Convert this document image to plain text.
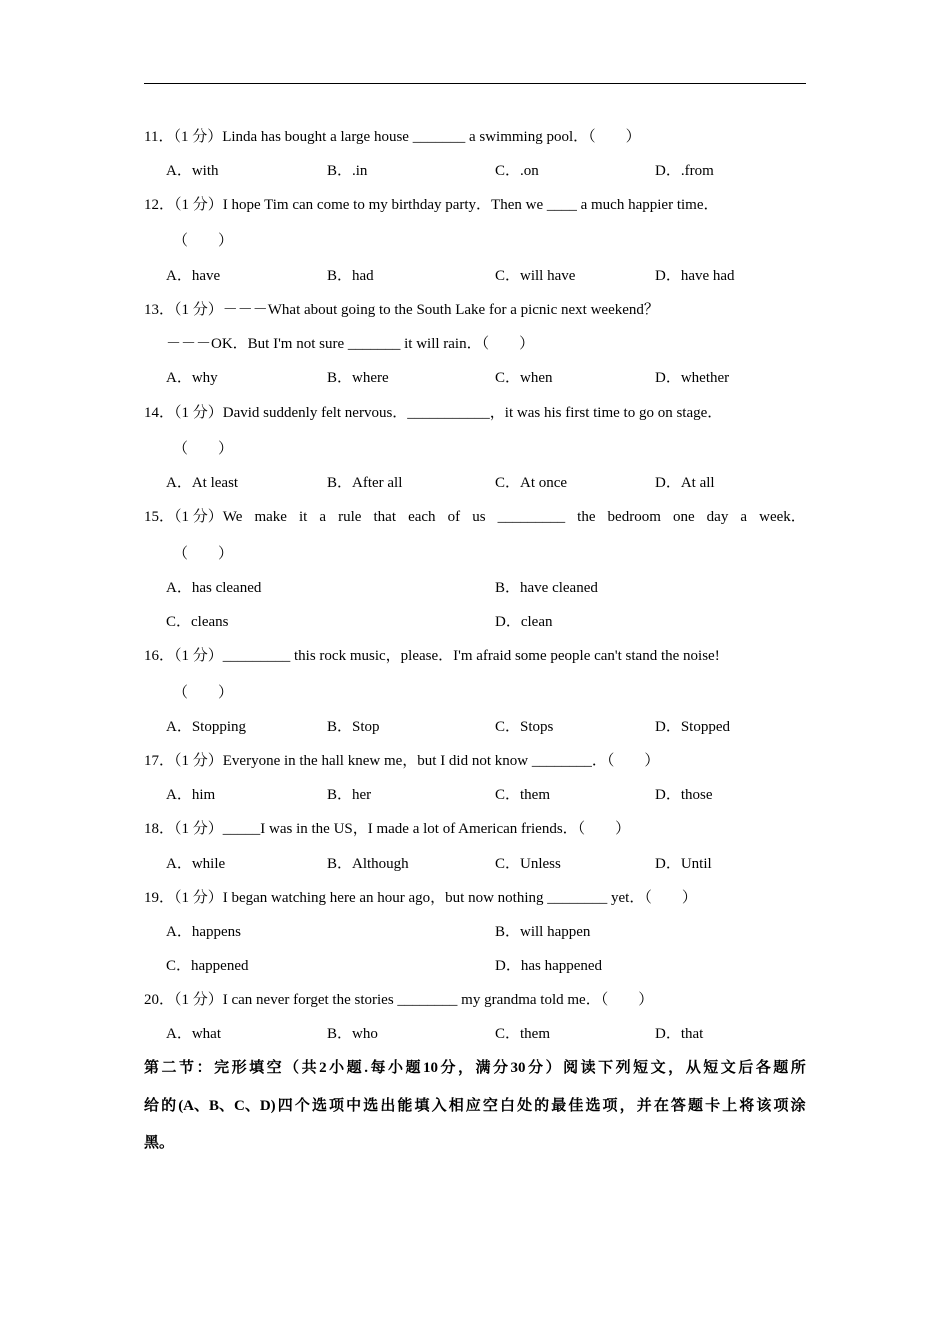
11．（1 分）Linda has bought a large house _______ a swimming pool．（　　）
A．with	B．.in	C．.on	D．.from
12．（1 分）I hope Tim can come to my birthday party．Then we ____ a much happier time．
（　　）
A．have	B．had	C．will have	D．have had
13．（1 分）－－－What about going to the South Lake for a picnic next weekend？
－－－OK．But I'm not sure _______ it will rain．（　　）
A．why	B．where	C．when	D．whether
14．（1 分）David suddenly felt nervous．___________，it was his first time to go on stage．
（　　）
A．At least	B．After all	C．At once	D．At all
15．（1 分）We make it a rule that each of us _________ the bedroom one day a week．
（　　）
A．has cleaned	B．have cleaned
C．cleans	D．clean
16．（1 分）_________ this rock music，please．I'm afraid some people can't stand the noise!
（　　）
A．Stopping	B．Stop	C．Stops	D．Stopped
17．（1 分）Everyone in the hall knew me，but I did not know ________．（　　）
A．him	B．her	C．them	D．those
18．（1 分）_____I was in the US，I made a lot of American friends．（　　）
A．while	B．Although	C．Unless	D．Until
19．（1 分）I began watching here an hour ago，but now nothing ________ yet．（　　）
A．happens	B．will happen
C．happened	D．has happened
20．（1 分）I can never forget the stories ________ my grandma told me．（　　）
A．what	B．who	C．them	D．that
第 二 节 ： 完 形 填 空 （ 共 2 小 题 . 每 小 题 10 分 ， 满 分 30 分 ） 阅 读 下 列 短 文 ， 从 短 文 后 各 题 所
给 的 (A、B、C、D) 四 个 选 项 中 选 出 能 填 入 相 应 空 白 处 的 最 佳 选 项 ， 并 在 答 题 卡 上 将 该 项 涂
黑。
